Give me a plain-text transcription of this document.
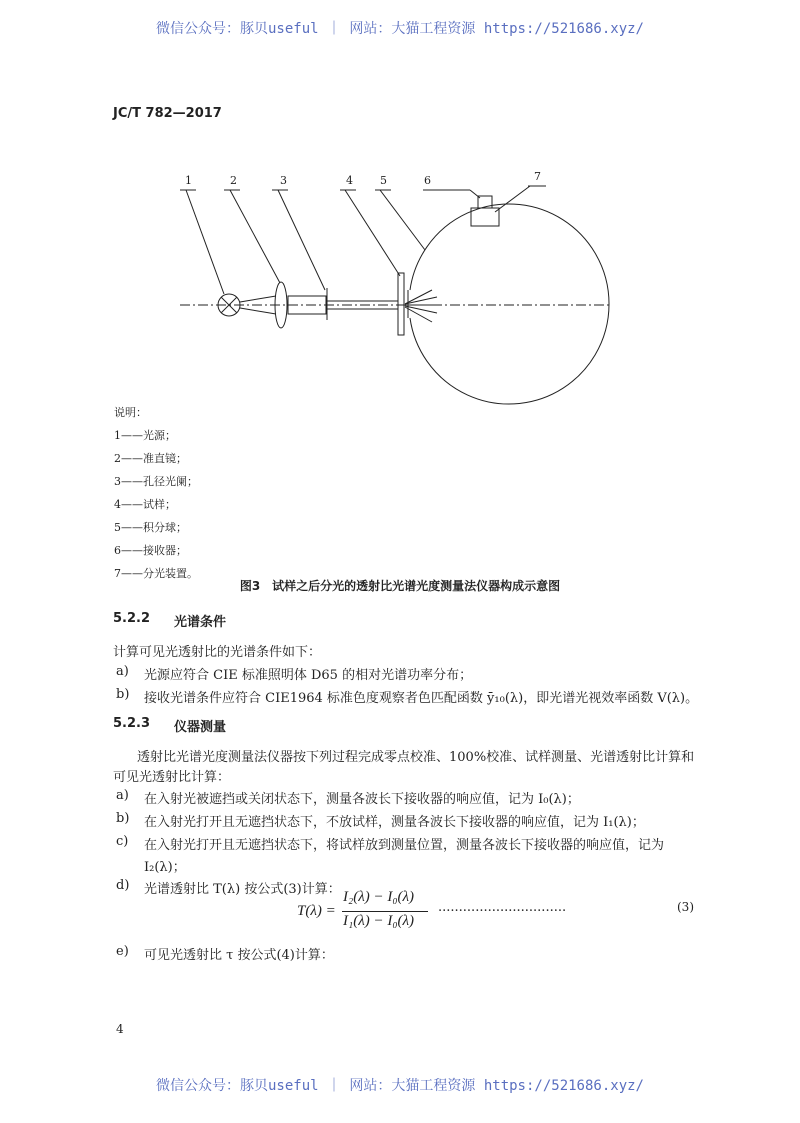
微信公众号：豚贝useful ｜ 网站：大猫工程资源 https://521686.xyz/
JC/T 782—2017
1	2	3	4 5	6	7
说明：
1——光源；
2——准直镜；
3——孔径光阑；
4——试样；
5——积分球；
6——接收器；
7——分光装置。
图3　试样之后分光的透射比光谱光度测量法仪器构成示意图
5.2.2 光谱条件
计算可见光透射比的光谱条件如下：
a) 光源应符合 CIE 标准照明体 D65 的相对光谱功率分布；
b) 接收光谱条件应符合 CIE1964 标准色度观察者色匹配函数 ȳ₁₀(λ)，即光谱光视效率函数 V(λ)。
5.2.3 仪器测量
透射比光谱光度测量法仪器按下列过程完成零点校准、100%校准、试样测量、光谱透射比计算和
可见光透射比计算：
a) 在入射光被遮挡或关闭状态下，测量各波长下接收器的响应值，记为 I₀(λ)；
b) 在入射光打开且无遮挡状态下，不放试样，测量各波长下接收器的响应值，记为 I₁(λ)；
c) 在入射光打开且无遮挡状态下，将试样放到测量位置，测量各波长下接收器的响应值，记为
I₂(λ)；
d) 光谱透射比 T(λ) 按公式(3)计算：
T(λ) =
I₂(λ) − I₀(λ)
I₁(λ) − I₀(λ)
...............................	(3)
e) 可见光透射比 τ 按公式(4)计算：
4
微信公众号：豚贝useful ｜ 网站：大猫工程资源 https://521686.xyz/
